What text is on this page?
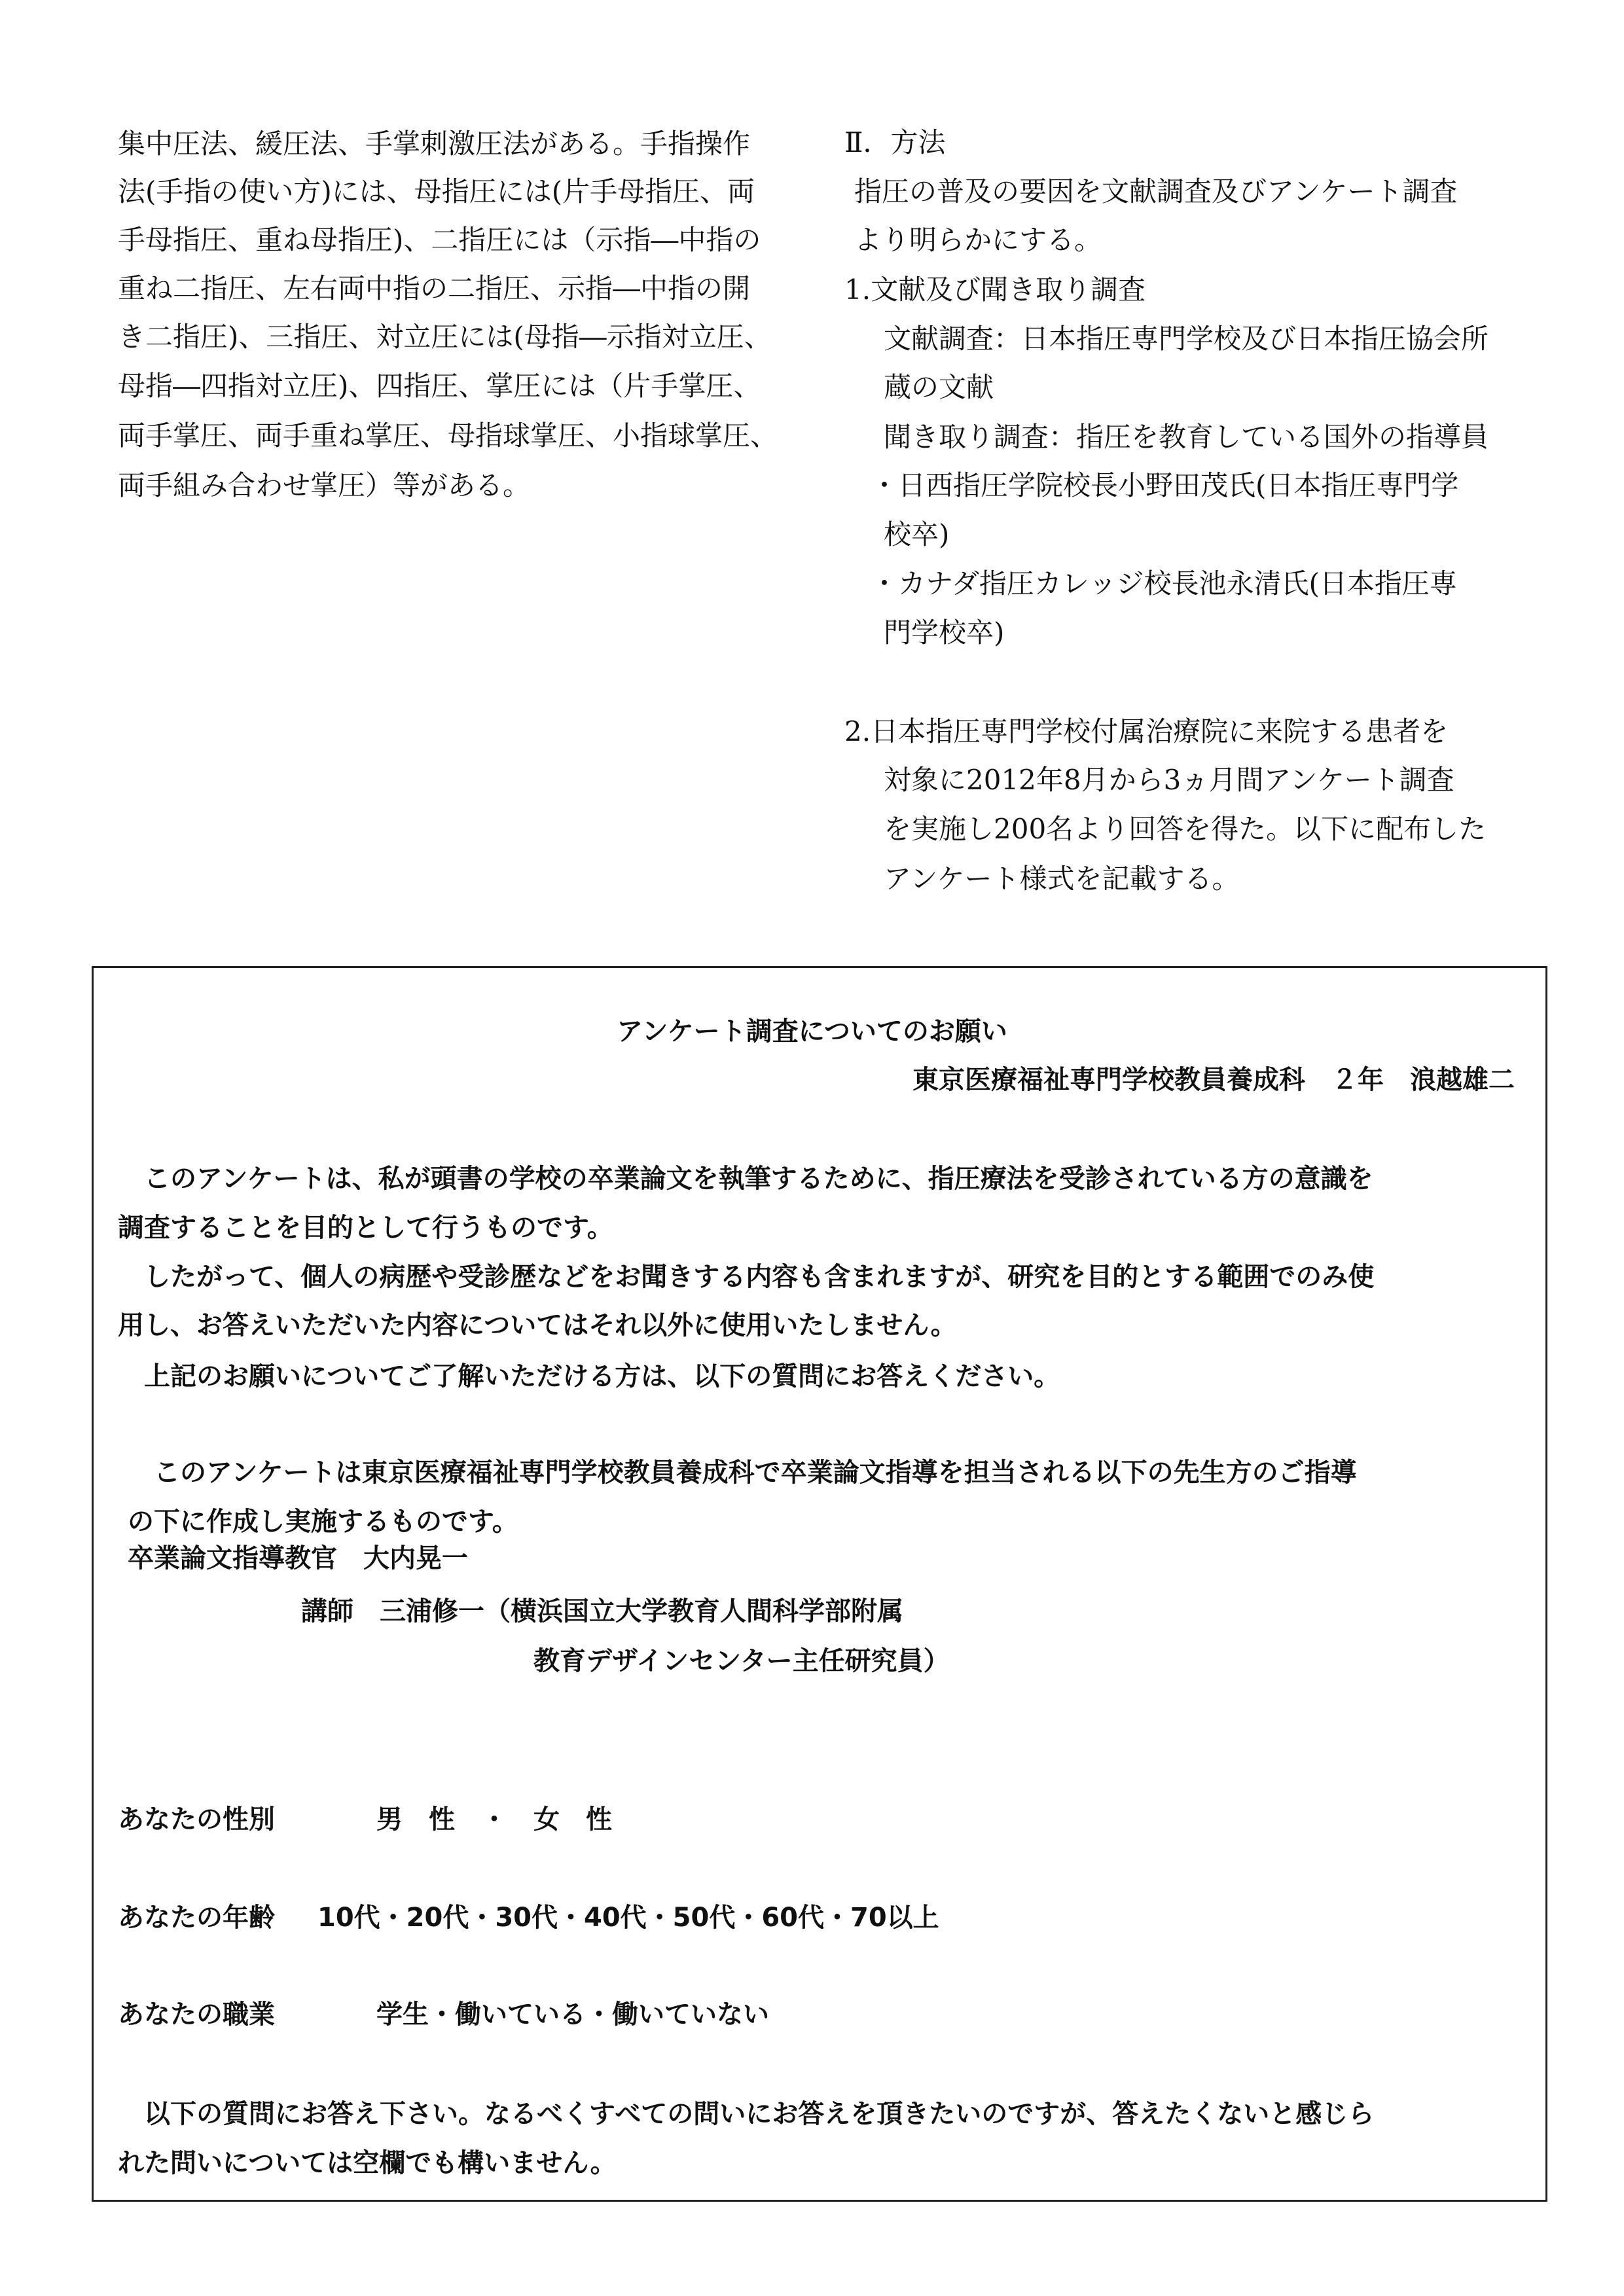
集中圧法、緩圧法、手掌刺激圧法がある。手指操作
法(手指の使い方)には、母指圧には(片手母指圧、両
手母指圧、重ね母指圧)、二指圧には（示指―中指の
重ね二指圧、左右両中指の二指圧、示指―中指の開
き二指圧)、三指圧、対立圧には(母指―示指対立圧、
母指―四指対立圧)、四指圧、掌圧には（片手掌圧、
両手掌圧、両手重ね掌圧、母指球掌圧、小指球掌圧、
両手組み合わせ掌圧）等がある。
Ⅱ．方法
指圧の普及の要因を文献調査及びアンケート調査
より明らかにする。
1.文献及び聞き取り調査
文献調査：日本指圧専門学校及び日本指圧協会所
蔵の文献
聞き取り調査：指圧を教育している国外の指導員
・日西指圧学院校長小野田茂氏(日本指圧専門学
校卒)
・カナダ指圧カレッジ校長池永清氏(日本指圧専
門学校卒)
2.日本指圧専門学校付属治療院に来院する患者を
対象に2012年8月から3ヵ月間アンケート調査
を実施し200名より回答を得た。以下に配布した
アンケート様式を記載する。
アンケート調査についてのお願い
東京医療福祉専門学校教員養成科　２年　浪越雄二
あなたの性別	男　性　・　女　性
あなたの年齢 10代・20代・30代・40代・50代・60代・70以上
あなたの職業	学生・働いている・働いていない
卒業論文指導教官　大内晃一
講師　三浦修一（横浜国立大学教育人間科学部附属
教育デザインセンター主任研究員）
　このアンケートは、私が頭書の学校の卒業論文を執筆するために、指圧療法を受診されている方の意識を
調査することを目的として行うものです。
　したがって、個人の病歴や受診歴などをお聞きする内容も含まれますが、研究を目的とする範囲でのみ使
用し、お答えいただいた内容についてはそれ以外に使用いたしません。
　上記のお願いについてご了解いただける方は、以下の質問にお答えください。
　このアンケートは東京医療福祉専門学校教員養成科で卒業論文指導を担当される以下の先生方のご指導
の下に作成し実施するものです。
　以下の質問にお答え下さい。なるべくすべての問いにお答えを頂きたいのですが、答えたくないと感じら
れた問いについては空欄でも構いません。
